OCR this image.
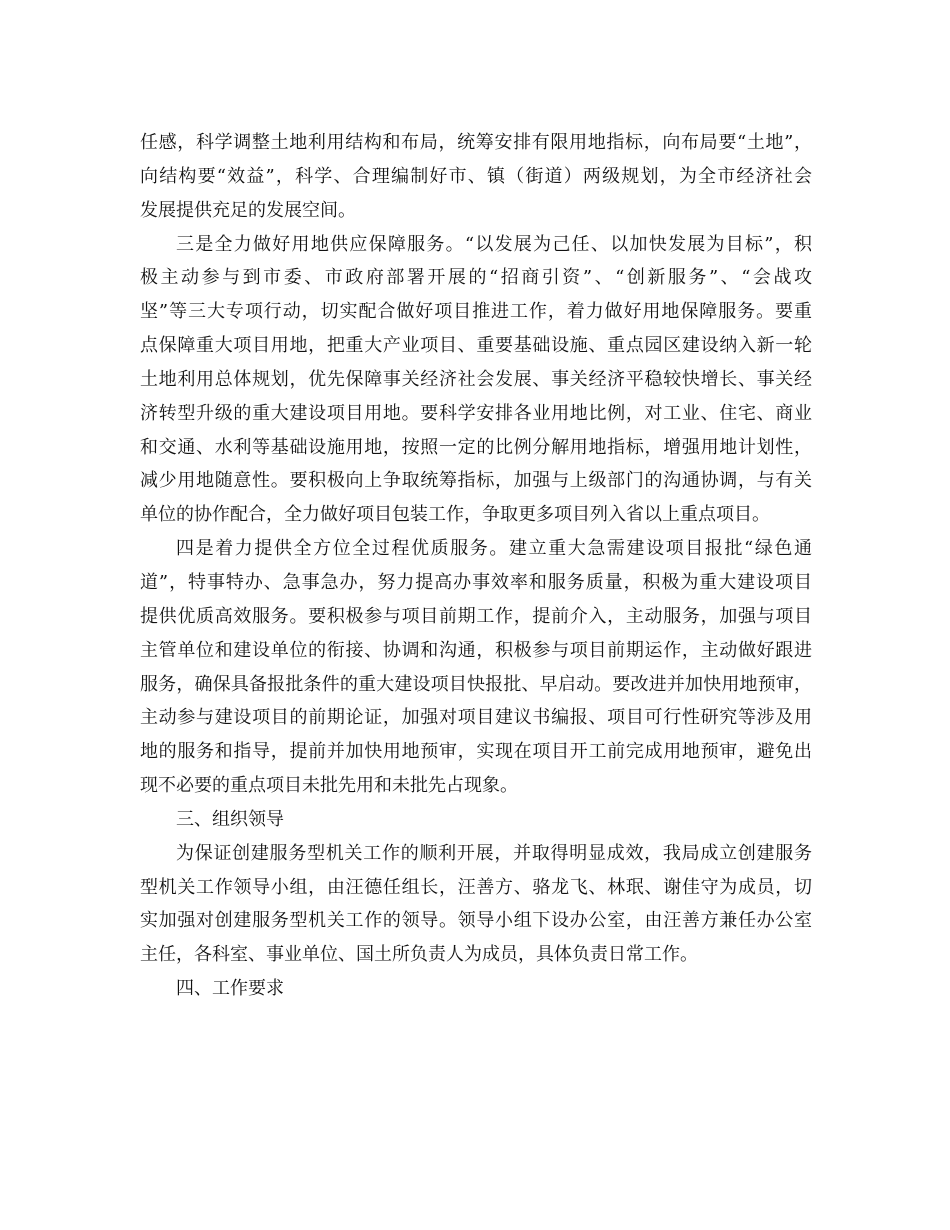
任感，科学调整土地利用结构和布局，统筹安排有限用地指标，向布局要“土地”，

向结构要“效益”，科学、合理编制好市、镇（街道）两级规划，为全市经济社会

发展提供充足的发展空间。

三是全力做好用地供应保障服务。“以发展为己任、以加快发展为目标”，积

极主动参与到市委、市政府部署开展的“招商引资”、“创新服务”、“会战攻

坚”等三大专项行动，切实配合做好项目推进工作，着力做好用地保障服务。要重

点保障重大项目用地，把重大产业项目、重要基础设施、重点园区建设纳入新一轮

土地利用总体规划，优先保障事关经济社会发展、事关经济平稳较快增长、事关经

济转型升级的重大建设项目用地。要科学安排各业用地比例，对工业、住宅、商业

和交通、水利等基础设施用地，按照一定的比例分解用地指标，增强用地计划性，

减少用地随意性。要积极向上争取统筹指标，加强与上级部门的沟通协调，与有关

单位的协作配合，全力做好项目包装工作，争取更多项目列入省以上重点项目。

四是着力提供全方位全过程优质服务。建立重大急需建设项目报批“绿色通

道”，特事特办、急事急办，努力提高办事效率和服务质量，积极为重大建设项目

提供优质高效服务。要积极参与项目前期工作，提前介入，主动服务，加强与项目

主管单位和建设单位的衔接、协调和沟通，积极参与项目前期运作，主动做好跟进

服务，确保具备报批条件的重大建设项目快报批、早启动。要改进并加快用地预审，

主动参与建设项目的前期论证，加强对项目建议书编报、项目可行性研究等涉及用

地的服务和指导，提前并加快用地预审，实现在项目开工前完成用地预审，避免出

现不必要的重点项目未批先用和未批先占现象。

三、组织领导

为保证创建服务型机关工作的顺利开展，并取得明显成效，我局成立创建服务

型机关工作领导小组，由汪德任组长，汪善方、骆龙飞、林珉、谢佳守为成员，切

实加强对创建服务型机关工作的领导。领导小组下设办公室，由汪善方兼任办公室

主任，各科室、事业单位、国土所负责人为成员，具体负责日常工作。

四、工作要求
